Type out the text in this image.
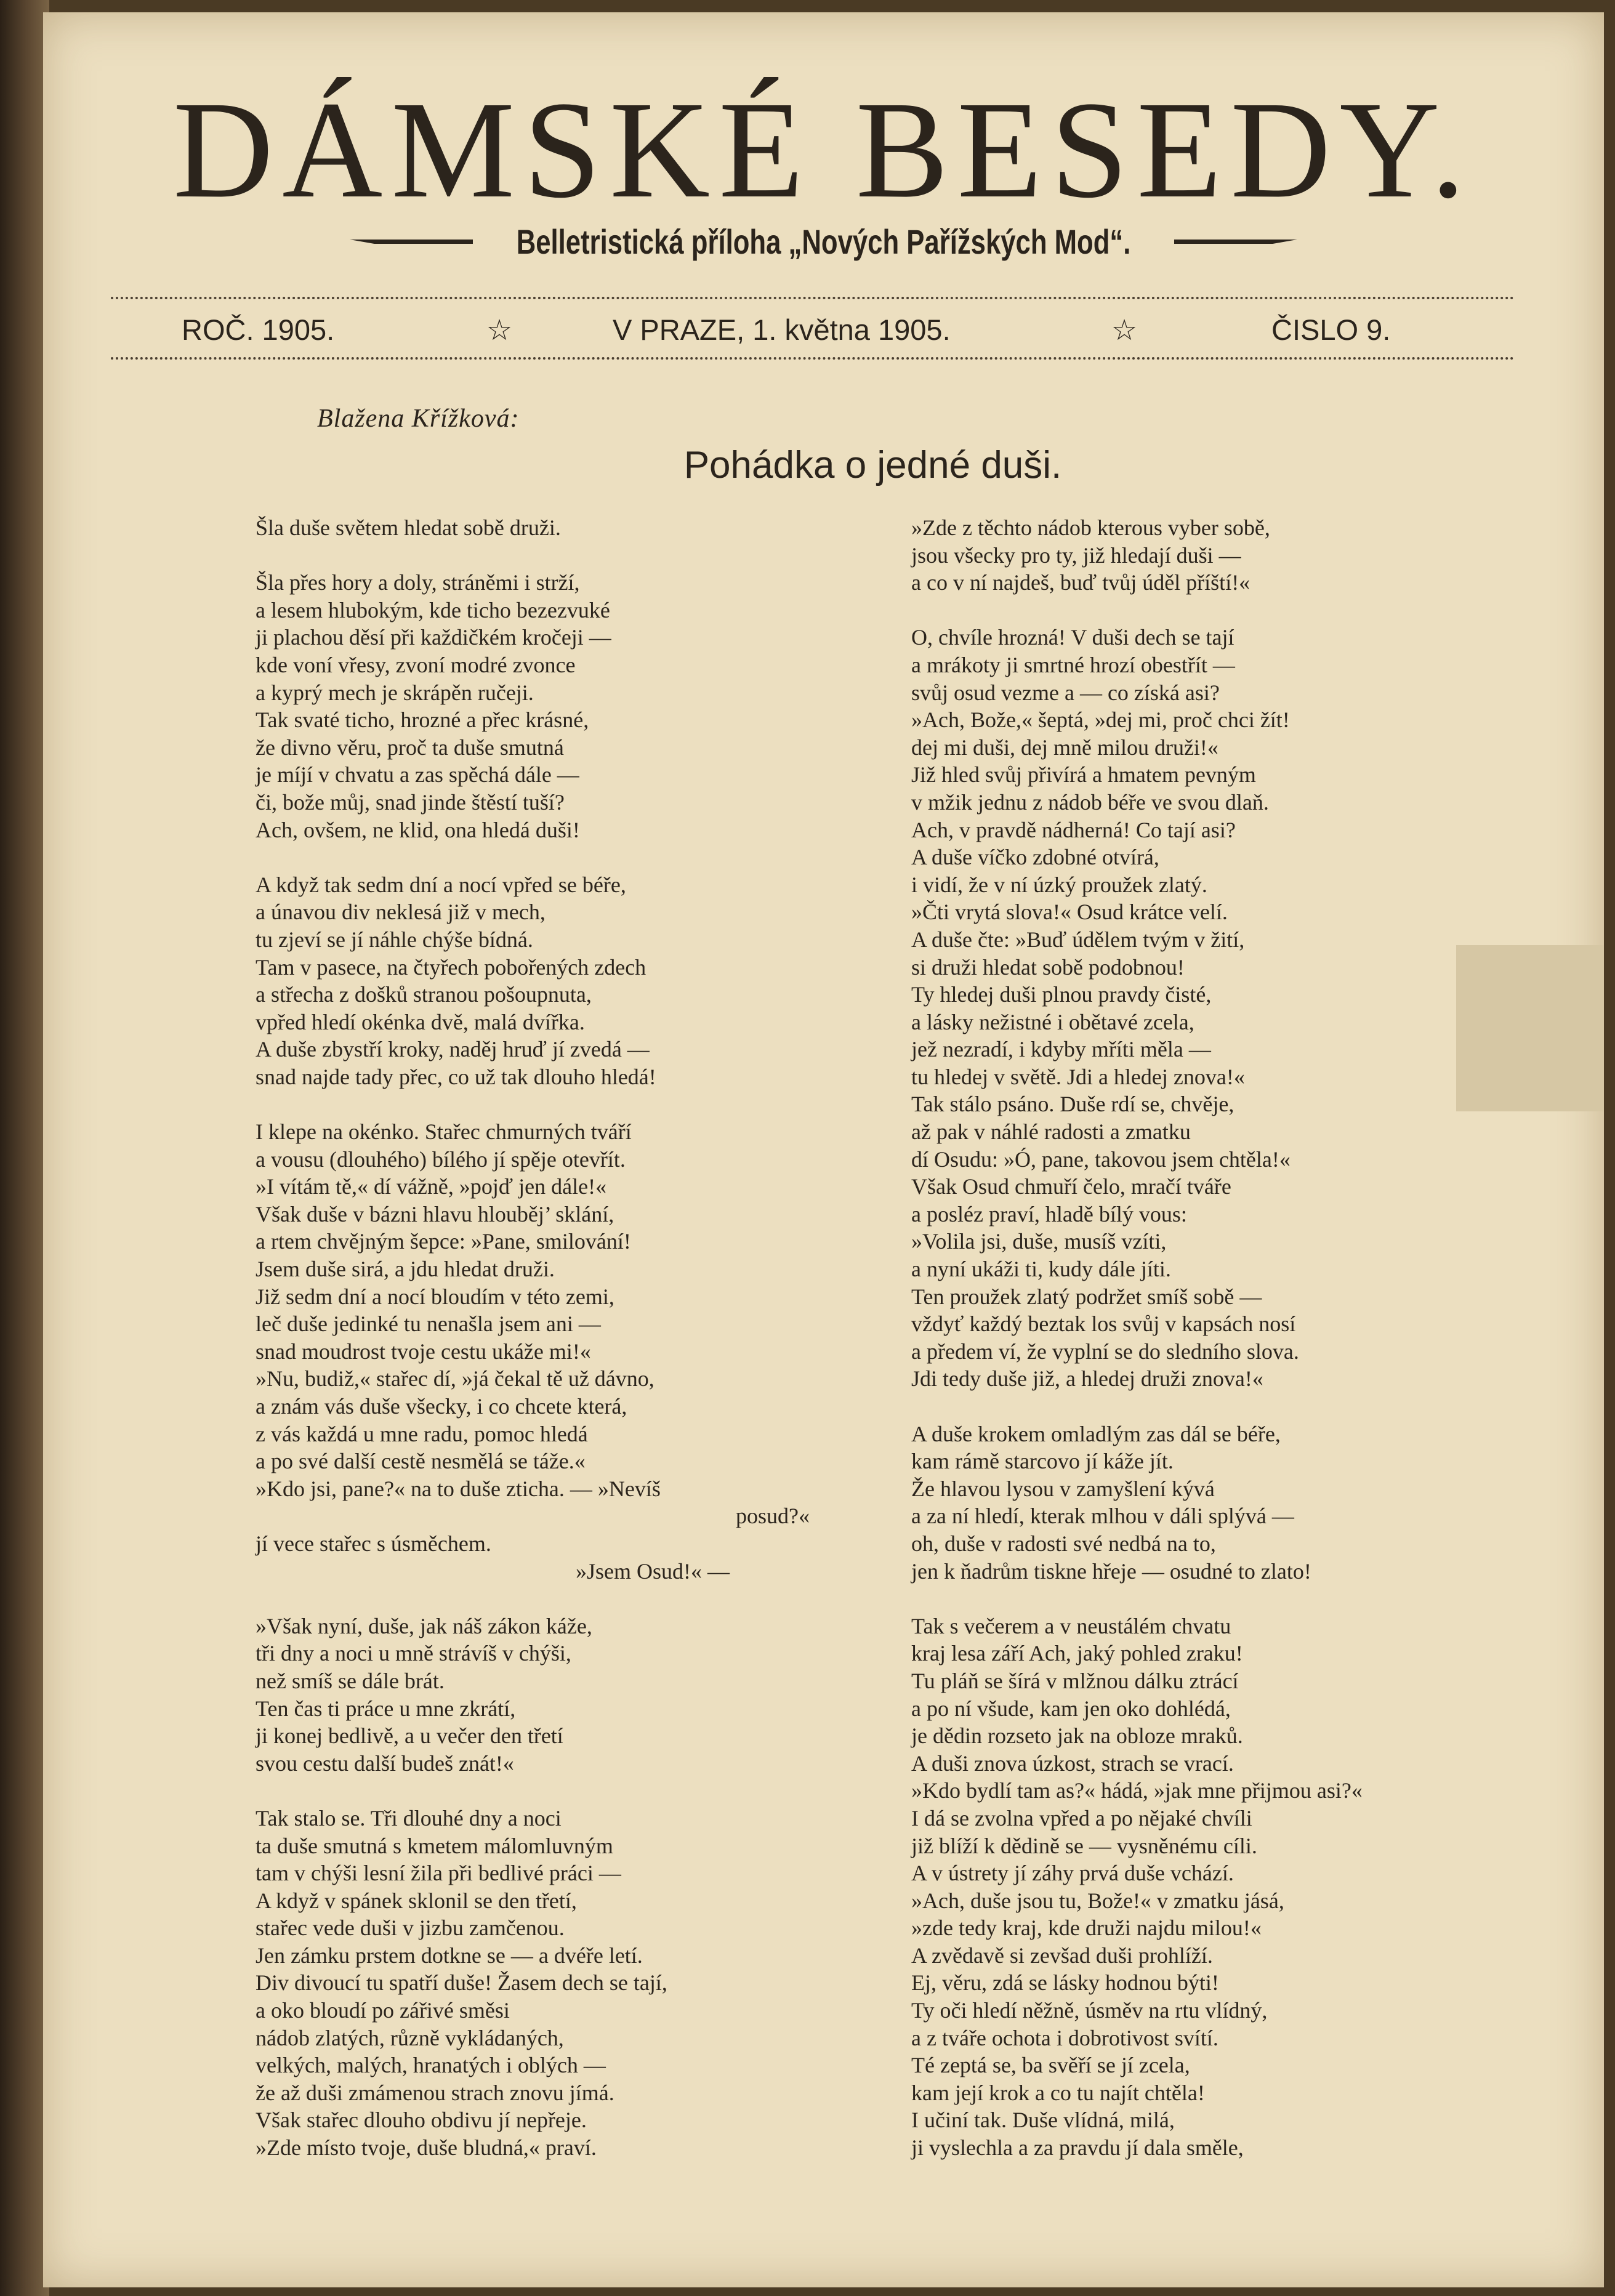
DÁMSKÉ BESEDY.
Belletristická příloha „Nových Pařížských Mod“.
ROČ. 1905.	☆	V PRAZE, 1. května 1905.	☆	ČISLO 9.
Blažena Křížková:
Pohádka o jedné duši.
Šla duše světem hledat sobě druži.
Šla přes hory a doly, stráněmi i strží,
a lesem hlubokým, kde ticho bezezvuké
ji plachou děsí při každičkém kročeji —
kde voní vřesy, zvoní modré zvonce
a kyprý mech je skrápěn ručeji.
Tak svaté ticho, hrozné a přec krásné,
že divno věru, proč ta duše smutná
je míjí v chvatu a zas spěchá dále —
či, bože můj, snad jinde štěstí tuší?
Ach, ovšem, ne klid, ona hledá duši!
A když tak sedm dní a nocí vpřed se béře,
a únavou div neklesá již v mech,
tu zjeví se jí náhle chýše bídná.
Tam v pasece, na čtyřech pobořených zdech
a střecha z došků stranou pošoupnuta,
vpřed hledí okénka dvě, malá dvířka.
A duše zbystří kroky, naděj hruď jí zvedá —
snad najde tady přec, co už tak dlouho hledá!
I klepe na okénko. Stařec chmurných tváří
a vousu (dlouhého) bílého jí spěje otevřít.
»I vítám tě,« dí vážně, »pojď jen dále!«
Však duše v bázni hlavu hlouběj’ sklání,
a rtem chvějným šepce: »Pane, smilování!
Jsem duše sirá, a jdu hledat druži.
Již sedm dní a nocí bloudím v této zemi,
leč duše jedinké tu nenašla jsem ani —
snad moudrost tvoje cestu ukáže mi!«
»Nu, budiž,« stařec dí, »já čekal tě už dávno,
a znám vás duše všecky, i co chcete která,
z vás každá u mne radu, pomoc hledá
a po své další cestě nesmělá se táže.«
»Kdo jsi, pane?« na to duše zticha. — »Nevíš
posud?«
jí vece stařec s úsměchem.
»Jsem Osud!« —
»Však nyní, duše, jak náš zákon káže,
tři dny a noci u mně strávíš v chýši,
než smíš se dále brát.
Ten čas ti práce u mne zkrátí,
ji konej bedlivě, a u večer den třetí
svou cestu další budeš znát!«
Tak stalo se. Tři dlouhé dny a noci
ta duše smutná s kmetem málomluvným
tam v chýši lesní žila při bedlivé práci —
A když v spánek sklonil se den třetí,
stařec vede duši v jizbu zamčenou.
Jen zámku prstem dotkne se — a dvéře letí.
Div divoucí tu spatří duše! Žasem dech se tají,
a oko bloudí po zářivé směsi
nádob zlatých, různě vykládaných,
velkých, malých, hranatých i oblých —
že až duši zmámenou strach znovu jímá.
Však stařec dlouho obdivu jí nepřeje.
»Zde místo tvoje, duše bludná,« praví.
»Zde z těchto nádob kterous vyber sobě,
jsou všecky pro ty, již hledají duši —
a co v ní najdeš, buď tvůj úděl příští!«
O, chvíle hrozná! V duši dech se tají
a mrákoty ji smrtné hrozí obestřít —
svůj osud vezme a — co získá asi?
»Ach, Bože,« šeptá, »dej mi, proč chci žít!
dej mi duši, dej mně milou druži!«
Již hled svůj přivírá a hmatem pevným
v mžik jednu z nádob béře ve svou dlaň.
Ach, v pravdě nádherná! Co tají asi?
A duše víčko zdobné otvírá,
i vidí, že v ní úzký proužek zlatý.
»Čti vrytá slova!« Osud krátce velí.
A duše čte: »Buď údělem tvým v žití,
si druži hledat sobě podobnou!
Ty hledej duši plnou pravdy čisté,
a lásky nežistné i obětavé zcela,
jež nezradí, i kdyby mříti měla —
tu hledej v světě. Jdi a hledej znova!«
Tak stálo psáno. Duše rdí se, chvěje,
až pak v náhlé radosti a zmatku
dí Osudu: »Ó, pane, takovou jsem chtěla!«
Však Osud chmuří čelo, mračí tváře
a posléz praví, hladě bílý vous:
»Volila jsi, duše, musíš vzíti,
a nyní ukáži ti, kudy dále jíti.
Ten proužek zlatý podržet smíš sobě —
vždyť každý beztak los svůj v kapsách nosí
a předem ví, že vyplní se do sledního slova.
Jdi tedy duše již, a hledej druži znova!«
A duše krokem omladlým zas dál se béře,
kam rámě starcovo jí káže jít.
Že hlavou lysou v zamyšlení kývá
a za ní hledí, kterak mlhou v dáli splývá —
oh, duše v radosti své nedbá na to,
jen k ňadrům tiskne hřeje — osudné to zlato!
Tak s večerem a v neustálém chvatu
kraj lesa září Ach, jaký pohled zraku!
Tu pláň se šírá v mlžnou dálku ztrácí
a po ní všude, kam jen oko dohlédá,
je dědin rozseto jak na obloze mraků.
A duši znova úzkost, strach se vrací.
»Kdo bydlí tam as?« hádá, »jak mne přijmou asi?«
I dá se zvolna vpřed a po nějaké chvíli
již blíží k dědině se — vysněnému cíli.
A v ústrety jí záhy prvá duše vchází.
»Ach, duše jsou tu, Bože!« v zmatku jásá,
»zde tedy kraj, kde druži najdu milou!«
A zvědavě si zevšad duši prohlíží.
Ej, věru, zdá se lásky hodnou býti!
Ty oči hledí něžně, úsměv na rtu vlídný,
a z tváře ochota i dobrotivost svítí.
Té zeptá se, ba svěří se jí zcela,
kam její krok a co tu najít chtěla!
I učiní tak. Duše vlídná, milá,
ji vyslechla a za pravdu jí dala směle,
